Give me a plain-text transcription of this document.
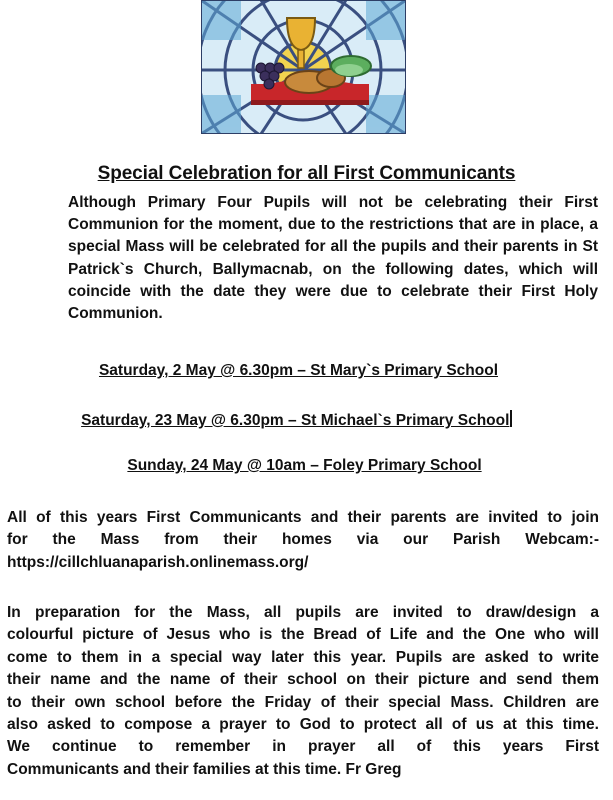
Special Celebration for all First Communicants

Although Primary Four Pupils will not be celebrating their First Communion for the moment, due to the restrictions that are in place, a special Mass will be celebrated for all the pupils and their parents in St Patrick`s Church, Ballymacnab, on the following dates, which will coincide with the date they were due to celebrate their First Holy Communion.

Saturday, 2 May @ 6.30pm – St Mary`s Primary School
Saturday, 23 May @ 6.30pm – St Michael`s Primary School
Sunday, 24 May @ 10am – Foley Primary School
All of this years First Communicants and their parents are invited to join
for the Mass from their homes via our Parish Webcam:-
https://cillchluanaparish.onlinemass.org/
In preparation for the Mass, all pupils are invited to draw/design a
colourful picture of Jesus who is the Bread of Life and the One who will
come to them in a special way later this year. Pupils are asked to write
their name and the name of their school on their picture and send them
to their own school before the Friday of their special Mass. Children are
also asked to compose a prayer to God to protect all of us at this time.
We continue to remember in prayer all of this years First
Communicants and their families at this time. Fr Greg
